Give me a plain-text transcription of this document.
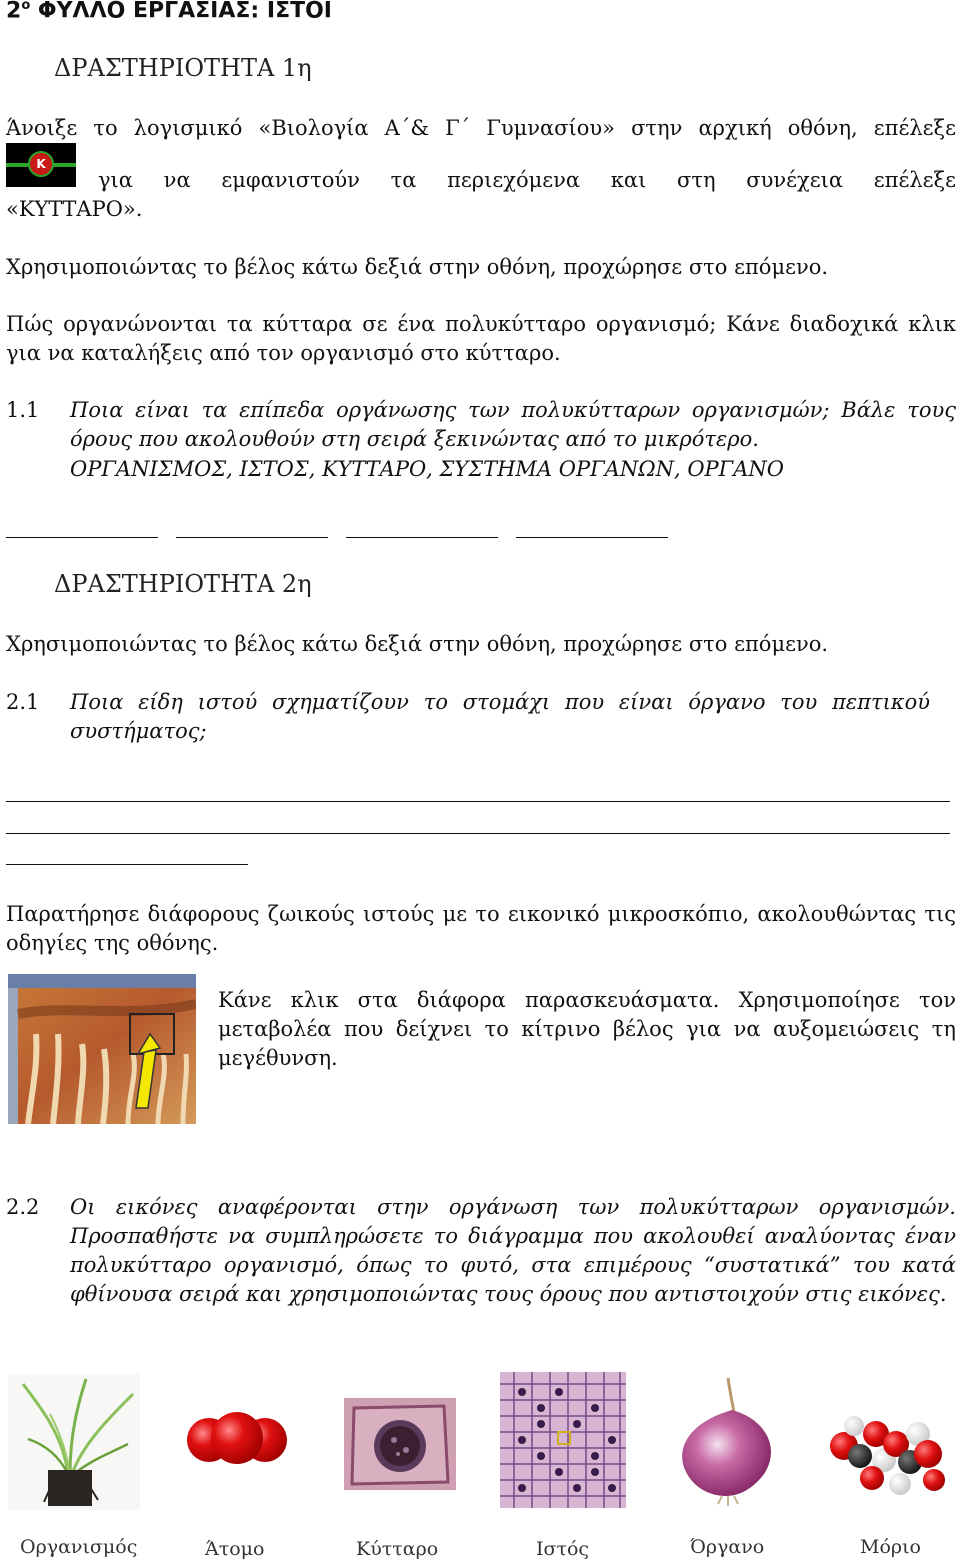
$2^o$ ΦΥΛΛΟ ΕΡΓΑΣΙΑΣ: ΙΣΤΟΙ
ΔΡΑΣΤΗΡΙΟΤΗΤΑ 1η
Άνοιξε το λογισμικό «Βιολογία Α΄& Γ΄ Γυμνασίου» στην αρχική οθόνη, επέλεξε
K
για να εμφανιστούν τα περιεχόμενα και στη συνέχεια επέλεξε
«ΚΥΤΤΑΡΟ».
Χρησιμοποιώντας το βέλος κάτω δεξιά στην οθόνη, προχώρησε στο επόμενο.
Πώς οργανώνονται τα κύτταρα σε ένα πολυκύτταρο οργανισμό; Κάνε διαδοχικά κλικ για να καταλήξεις από τον οργανισμό στο κύτταρο.
1.1 Ποια είναι τα επίπεδα οργάνωσης των πολυκύτταρων οργανισμών; Βάλε τους όρους που ακολουθούν στη σειρά ξεκινώντας από το μικρότερο.
ΟΡΓΑΝΙΣΜΟΣ, ΙΣΤΟΣ, ΚΥΤΤΑΡΟ, ΣΥΣΤΗΜΑ ΟΡΓΑΝΩΝ, ΟΡΓΑΝΟ
ΔΡΑΣΤΗΡΙΟΤΗΤΑ 2η
Χρησιμοποιώντας το βέλος κάτω δεξιά στην οθόνη, προχώρησε στο επόμενο.
2.1 Ποια είδη ιστού σχηματίζουν το στομάχι που είναι όργανο του πεπτικού συστήματος;
Παρατήρησε διάφορους ζωικούς ιστούς με το εικονικό μικροσκόπιο, ακολουθώντας τις οδηγίες της οθόνης.
Κάνε κλικ στα διάφορα παρασκευάσματα. Χρησιμοποίησε τον μεταβολέα που δείχνει το κίτρινο βέλος για να αυξομειώσεις τη μεγέθυνση.
2.2 Οι εικόνες αναφέρονται στην οργάνωση των πολυκύτταρων οργανισμών. Προσπαθήστε να συμπληρώσετε το διάγραμμα που ακολουθεί αναλύοντας έναν πολυκύτταρο οργανισμό, όπως το φυτό, στα επιμέρους “συστατικά” του κατά φθίνουσα σειρά και χρησιμοποιώντας τους όρους που αντιστοιχούν στις εικόνες.
Οργανισμός	Άτομο	Κύτταρο	Ιστός	Όργανο	Μόριο
